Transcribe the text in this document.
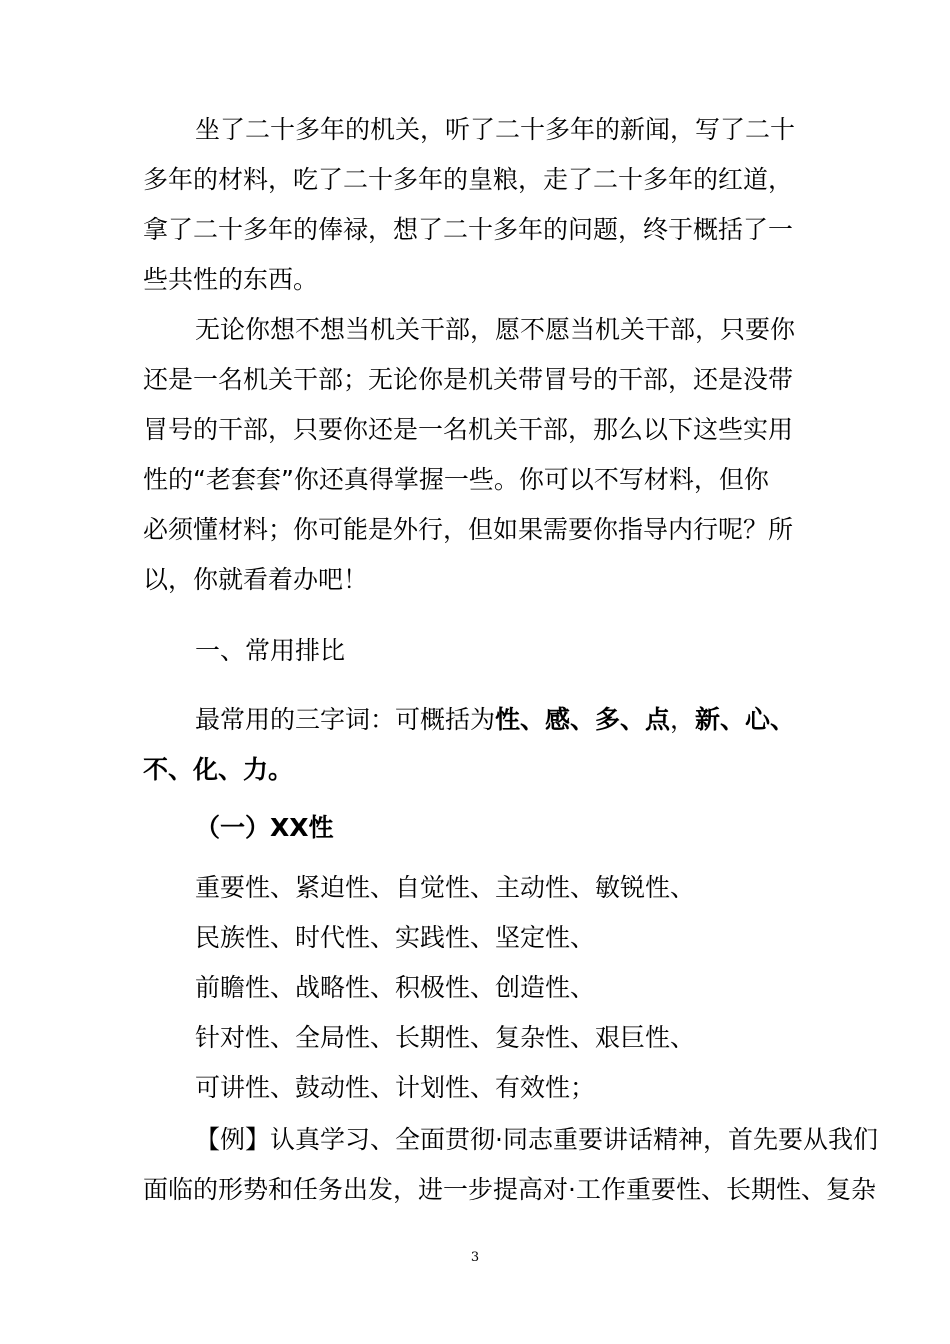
坐了二十多年的机关，听了二十多年的新闻，写了二十
多年的材料，吃了二十多年的皇粮，走了二十多年的红道，
拿了二十多年的俸禄，想了二十多年的问题，终于概括了一
些共性的东西。
无论你想不想当机关干部，愿不愿当机关干部，只要你
还是一名机关干部；无论你是机关带冒号的干部，还是没带
冒号的干部，只要你还是一名机关干部，那么以下这些实用
性的“老套套”你还真得掌握一些。你可以不写材料，但你
必须懂材料；你可能是外行，但如果需要你指导内行呢？所
以，你就看着办吧！
一、常用排比
最常用的三字词：可概括为性、感、多、点，新、心、
不、化、力。
（一）XX性
重要性、紧迫性、自觉性、主动性、敏锐性、
民族性、时代性、实践性、坚定性、
前瞻性、战略性、积极性、创造性、
针对性、全局性、长期性、复杂性、艰巨性、
可讲性、鼓动性、计划性、有效性；
【例】认真学习、全面贯彻·同志重要讲话精神，首先要从我们
面临的形势和任务出发，进一步提高对·工作重要性、长期性、复杂
3
